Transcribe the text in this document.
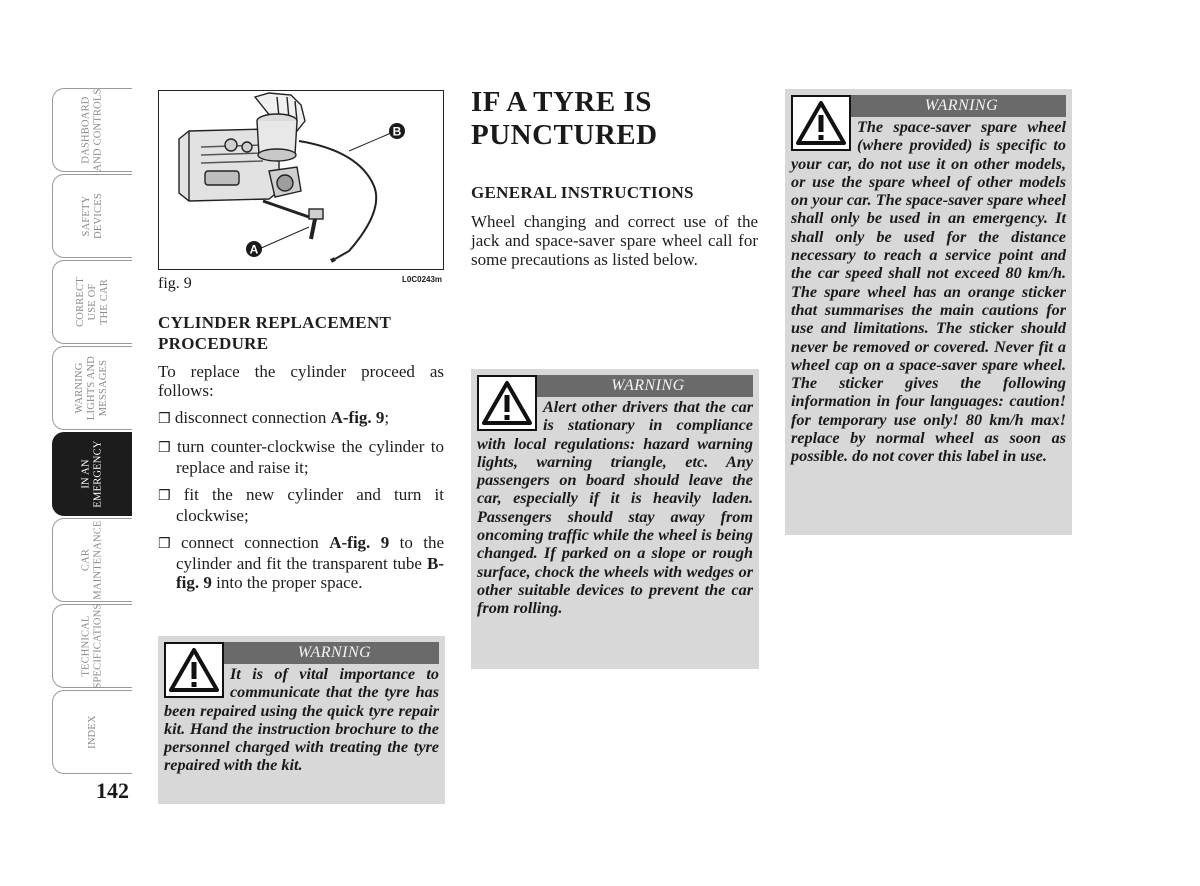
DASHBOARD
AND CONTROLS
SAFETY
DEVICES
CORRECT
USE OF
THE CAR
WARNING
LIGHTS AND
MESSAGES
IN AN
EMERGENCY
CAR
MAINTENANCE
TECHNICAL
SPECIFICATIONS
INDEX
142
B
A
fig. 9	L0C0243m

CYLINDER REPLACEMENT
PROCEDURE

To replace the cylinder proceed as follows:

❒ disconnect connection A-fig. 9;

❒ turn counter-clockwise the cylinder to replace and raise it;

❒ fit the new cylinder and turn it clockwise;

❒ connect connection A-fig. 9 to the cylinder and fit the transparent tube B-fig. 9 into the proper space.

WARNING

It is of vital importance to communicate that the tyre has been repaired using the quick tyre repair kit. Hand the instruction brochure to the personnel charged with treating the tyre repaired with the kit.

IF A TYRE IS
PUNCTURED

GENERAL INSTRUCTIONS

Wheel changing and correct use of the jack and space-saver spare wheel call for some precautions as listed below.

WARNING

Alert other drivers that the car is stationary in compliance with local regulations: hazard warning lights, warning triangle, etc. Any passengers on board should leave the car, especially if it is heavily laden. Passengers should stay away from oncoming traffic while the wheel is being changed. If parked on a slope or rough surface, chock the wheels with wedges or other suitable devices to prevent the car from rolling.

WARNING

The space-saver spare wheel (where provided) is specific to your car, do not use it on other models, or use the spare wheel of other models on your car. The space-saver spare wheel shall only be used in an emergency. It shall only be used for the distance necessary to reach a service point and the car speed shall not exceed 80 km/h. The spare wheel has an orange sticker that summarises the main cautions for use and limitations. The sticker should never be removed or covered. Never fit a wheel cap on a space-saver spare wheel. The sticker gives the following information in four languages: caution! for temporary use only! 80 km/h max! replace by normal wheel as soon as possible. do not cover this label in use.
